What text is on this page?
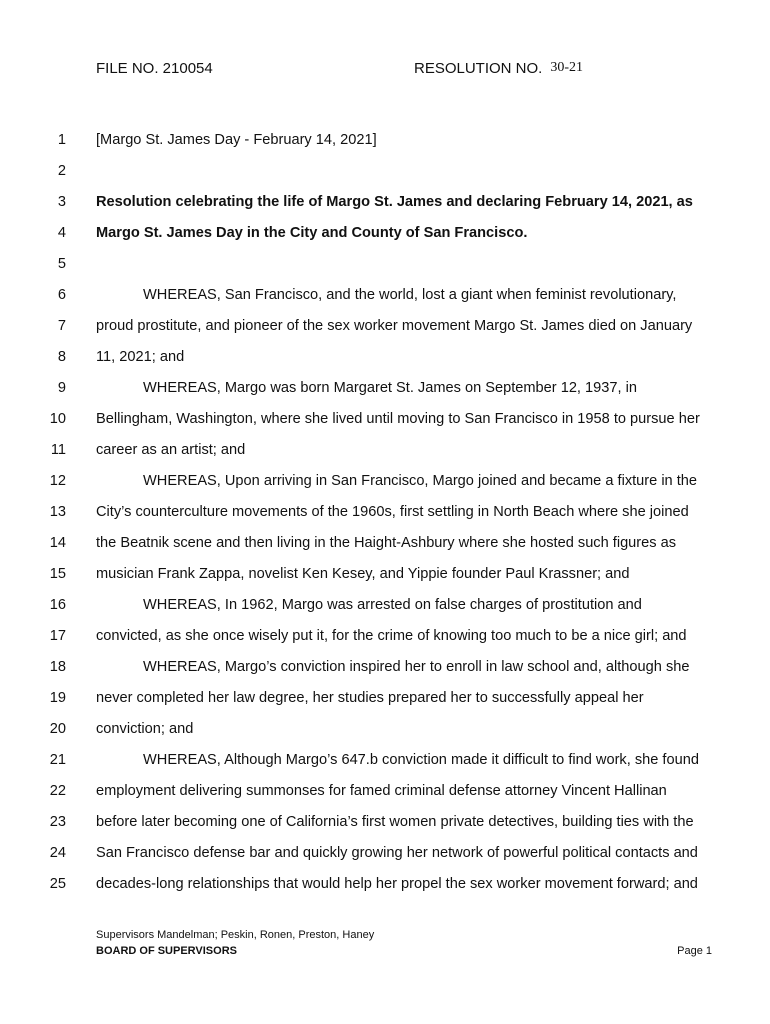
FILE NO. 210054	RESOLUTION NO. 30-21
1 [Margo St. James Day - February 14, 2021]
2
3 Resolution celebrating the life of Margo St. James and declaring February 14, 2021, as
4 Margo St. James Day in the City and County of San Francisco.
5
6	WHEREAS, San Francisco, and the world, lost a giant when feminist revolutionary,
7 proud prostitute, and pioneer of the sex worker movement Margo St. James died on January
8 11, 2021; and
9	WHEREAS, Margo was born Margaret St. James on September 12, 1937, in
10 Bellingham, Washington, where she lived until moving to San Francisco in 1958 to pursue her
11 career as an artist; and
12	WHEREAS, Upon arriving in San Francisco, Margo joined and became a fixture in the
13 City’s counterculture movements of the 1960s, first settling in North Beach where she joined
14 the Beatnik scene and then living in the Haight-Ashbury where she hosted such figures as
15 musician Frank Zappa, novelist Ken Kesey, and Yippie founder Paul Krassner; and
16	WHEREAS, In 1962, Margo was arrested on false charges of prostitution and
17 convicted, as she once wisely put it, for the crime of knowing too much to be a nice girl; and
18	WHEREAS, Margo’s conviction inspired her to enroll in law school and, although she
19 never completed her law degree, her studies prepared her to successfully appeal her
20 conviction; and
21	WHEREAS, Although Margo’s 647.b conviction made it difficult to find work, she found
22 employment delivering summonses for famed criminal defense attorney Vincent Hallinan
23 before later becoming one of California’s first women private detectives, building ties with the
24 San Francisco defense bar and quickly growing her network of powerful political contacts and
25 decades-long relationships that would help her propel the sex worker movement forward; and
Supervisors Mandelman; Peskin, Ronen, Preston, Haney
BOARD OF SUPERVISORS	Page 1
